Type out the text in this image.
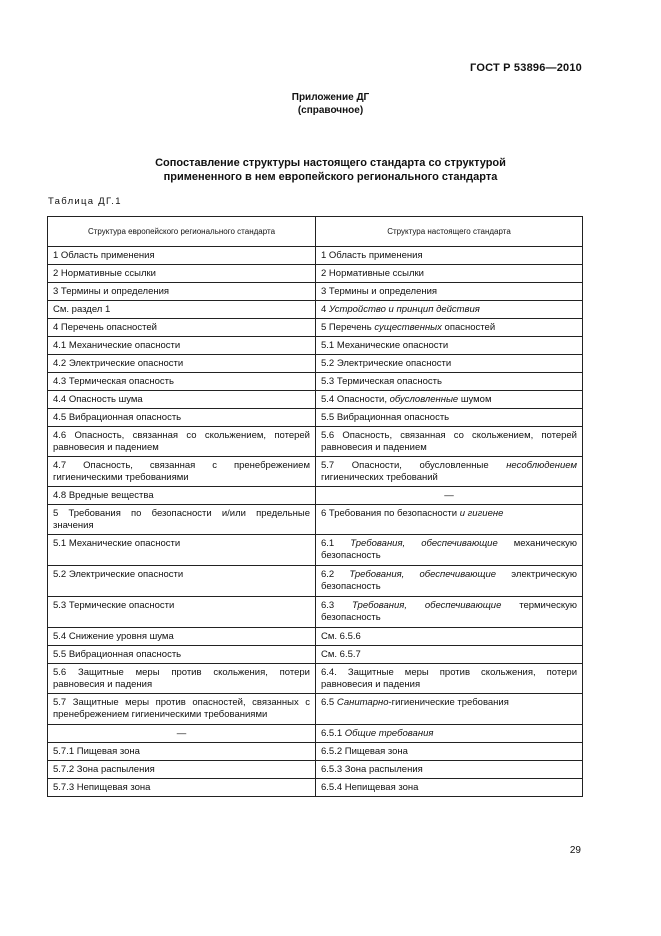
ГОСТ Р 53896—2010
Приложение ДГ
(справочное)
Сопоставление структуры настоящего стандарта со структурой
примененного в нем европейского регионального стандарта
Таблица ДГ.1
Структура европейского регионального стандарта	Структура настоящего стандарта
1 Область применения	1 Область применения
2 Нормативные ссылки	2 Нормативные ссылки
3 Термины и определения	3 Термины и определения
См. раздел 1	4 Устройство и принцип действия
4 Перечень опасностей	5 Перечень существенных опасностей
4.1 Механические опасности	5.1 Механические опасности
4.2 Электрические опасности	5.2 Электрические опасности
4.3 Термическая опасность	5.3 Термическая опасность
4.4 Опасность шума	5.4 Опасности, обусловленные шумом
4.5 Вибрационная опасность	5.5 Вибрационная опасность
4.6 Опасность, связанная со скольжением, потерей равновесия и падением	5.6 Опасность, связанная со скольжением, потерей равновесия и падением
4.7 Опасность, связанная с пренебрежением гигиеническими требованиями	5.7 Опасности, обусловленные несоблюдением гигиенических требований
4.8 Вредные вещества	—
5 Требования по безопасности и/или предельные значения	6 Требования по безопасности и гигиене
5.1 Механические опасности	6.1 Требования, обеспечивающие механическую безопасность
5.2 Электрические опасности	6.2 Требования, обеспечивающие электрическую безопасность
5.3 Термические опасности	6.3 Требования, обеспечивающие термическую безопасность
5.4 Снижение уровня шума	См. 6.5.6
5.5 Вибрационная опасность	См. 6.5.7
5.6 Защитные меры против скольжения, потери равновесия и падения	6.4. Защитные меры против скольжения, потери равновесия и падения
5.7 Защитные меры против опасностей, связанных с пренебрежением гигиеническими требованиями	6.5 Санитарно-гигиенические требования
—	6.5.1 Общие требования
5.7.1 Пищевая зона	6.5.2 Пищевая зона
5.7.2 Зона распыления	6.5.3 Зона распыления
5.7.3 Непищевая зона	6.5.4 Непищевая зона
29
